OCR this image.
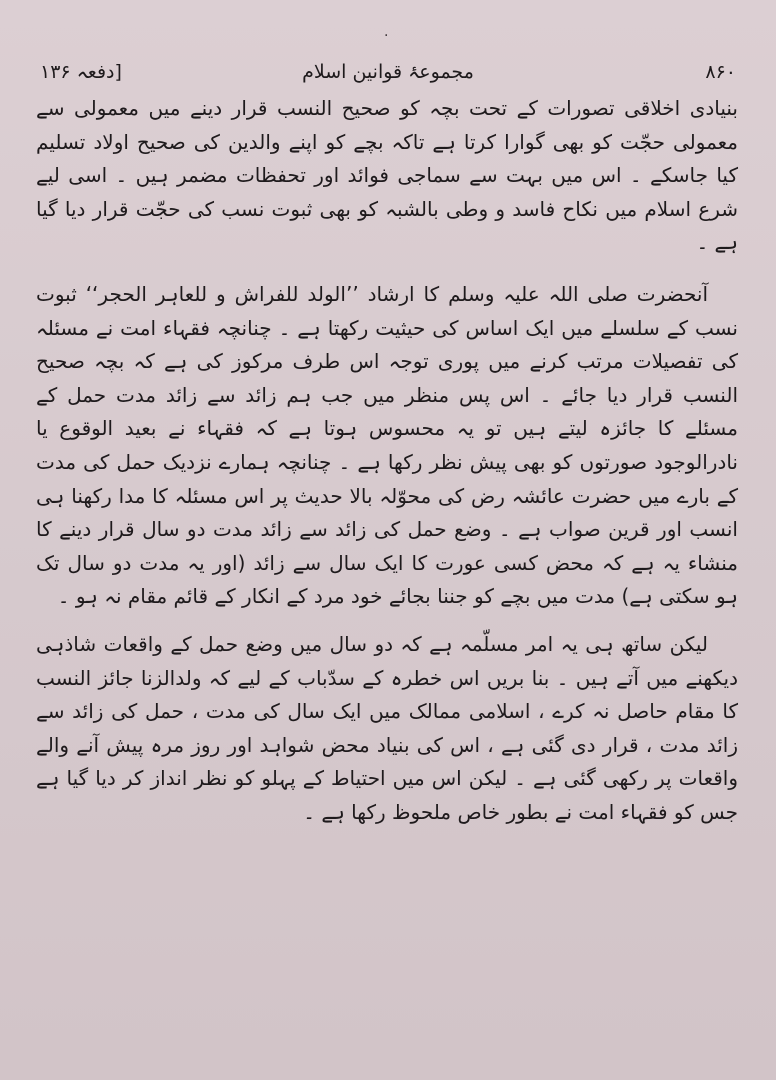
·
۸۶۰
مجموعۂ قوانین اسلام
[دفعہ ۱۳۶

بنیادی اخلاقی تصورات کے تحت بچہ کو صحیح النسب قرار دینے میں معمولی سے معمولی حجّت کو بھی گوارا کرتا ہے تاکہ بچے کو اپنے والدین کی صحیح اولاد تسلیم کیا جاسکے ۔ اس میں بہت سے سماجی فوائد اور تحفظات مضمر ہیں ۔ اسی لیے شرع اسلام میں نکاح فاسد و وطی بالشبہ کو بھی ثبوت نسب کی حجّت قرار دیا گیا ہے ۔

آنحضرت صلی اللہ علیہ وسلم کا ارشاد ’’الولد للفراش و للعاہر الحجر‘‘ ثبوت نسب کے سلسلے میں ایک اساس کی حیثیت رکھتا ہے ۔ چنانچہ فقہاء امت نے مسئلہ کی تفصیلات مرتب کرنے میں پوری توجہ اس طرف مرکوز کی ہے کہ بچہ صحیح النسب قرار دیا جائے ۔ اس پس منظر میں جب ہم زائد سے زائد مدت حمل کے مسئلے کا جائزہ لیتے ہیں تو یہ محسوس ہوتا ہے کہ فقہاء نے بعید الوقوع یا نادرالوجود صورتوں کو بھی پیش نظر رکھا ہے ۔ چنانچہ ہمارے نزدیک حمل کی مدت کے بارے میں حضرت عائشہ رض کی محوّلہ بالا حدیث پر اس مسئلہ کا مدا رکھنا ہی انسب اور قرین صواب ہے ۔ وضع حمل کی زائد سے زائد مدت دو سال قرار دینے کا منشاء یہ ہے کہ محض کسی عورت کا ایک سال سے زائد (اور یہ مدت دو سال تک ہو سکتی ہے) مدت میں بچے کو جننا بجائے خود مرد کے انکار کے قائم مقام نہ ہو ۔

لیکن ساتھ ہی یہ امر مسلّمہ ہے کہ دو سال میں وضع حمل کے واقعات شاذہی دیکھنے میں آتے ہیں ۔ بنا بریں اس خطرہ کے سدّباب کے لیے کہ ولدالزنا جائز النسب کا مقام حاصل نہ کرے ، اسلامی ممالک میں ایک سال کی مدت ، حمل کی زائد سے زائد مدت ، قرار دی گئی ہے ، اس کی بنیاد محض شواہد اور روز مرہ پیش آنے والے واقعات پر رکھی گئی ہے ۔ لیکن اس میں احتیاط کے پہلو کو نظر انداز کر دیا گیا ہے جس کو فقہاء امت نے بطور خاص ملحوظ رکھا ہے ۔
